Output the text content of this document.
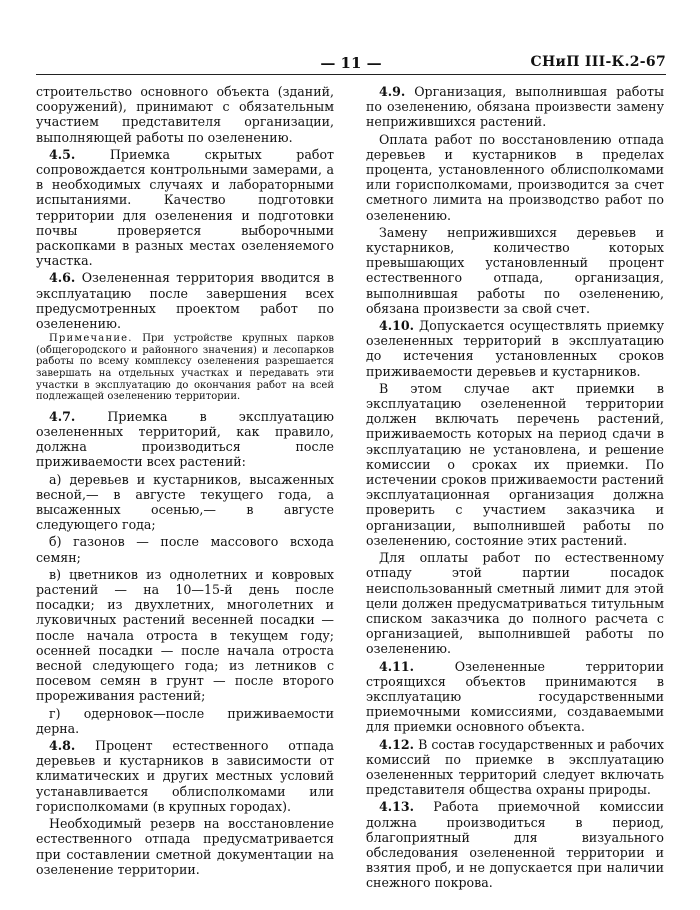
— 11 —	СНиП III-К.2-67

строительство основного объекта (зданий, сооружений), принимают с обязательным участием представителя организации, выполняющей работы по озеленению.

4.5. Приемка скрытых работ сопровождается контрольными замерами, а в необходимых случаях и лабораторными испытаниями. Качество подготовки территории для озеленения и подготовки почвы проверяется выборочными раскопками в разных местах озеленяемого участка.

4.6. Озелененная территория вводится в эксплуатацию после завершения всех предусмотренных проектом работ по озеленению.

Примечание. При устройстве крупных парков (общегородского и районного значения) и лесопарков работы по всему комплексу озеленения разрешается завершать на отдельных участках и передавать эти участки в эксплуатацию до окончания работ на всей подлежащей озеленению территории.

4.7. Приемка в эксплуатацию озелененных территорий, как правило, должна производиться после приживаемости всех растений:

а) деревьев и кустарников, высаженных весной,— в августе текущего года, а высаженных осенью,— в августе следующего года;

б) газонов — после массового всхода семян;

в) цветников из однолетних и ковровых растений — на 10—15-й день после посадки; из двухлетних, многолетних и луковичных растений весенней посадки — после начала отроста в текущем году; осенней посадки — после начала отроста весной следующего года; из летников с посевом семян в грунт — после второго прореживания растений;

г) одерновок—после приживаемости дерна.

4.8. Процент естественного отпада деревьев и кустарников в зависимости от климатических и других местных условий устанавливается облисполкомами или горисполкомами (в крупных городах).

Необходимый резерв на восстановление естественного отпада предусматривается при составлении сметной документации на озеленение территории.

4.9. Организация, выполнившая работы по озеленению, обязана произвести замену неприжившихся растений.

Оплата работ по восстановлению отпада деревьев и кустарников в пределах процента, установленного облисполкомами или горисполкомами, производится за счет сметного лимита на производство работ по озеленению.

Замену неприжившихся деревьев и кустарников, количество которых превышающих установленный процент естественного отпада, организация, выполнившая работы по озеленению, обязана произвести за свой счет.

4.10. Допускается осуществлять приемку озелененных территорий в эксплуатацию до истечения установленных сроков приживаемости деревьев и кустарников.

В этом случае акт приемки в эксплуатацию озелененной территории должен включать перечень растений, приживаемость которых на период сдачи в эксплуатацию не установлена, и решение комиссии о сроках их приемки. По истечении сроков приживаемости растений эксплуатационная организация должна проверить с участием заказчика и организации, выполнившей работы по озеленению, состояние этих растений.

Для оплаты работ по естественному отпаду этой партии посадок неиспользованный сметный лимит для этой цели должен предусматриваться титульным списком заказчика до полного расчета с организацией, выполнившей работы по озеленению.

4.11. Озелененные территории строящихся объектов принимаются в эксплуатацию государственными приемочными комиссиями, создаваемыми для приемки основного объекта.

4.12. В состав государственных и рабочих комиссий по приемке в эксплуатацию озелененных территорий следует включать представителя общества охраны природы.

4.13. Работа приемочной комиссии должна производиться в период, благоприятный для визуального обследования озелененной территории и взятия проб, и не допускается при наличии снежного покрова.
